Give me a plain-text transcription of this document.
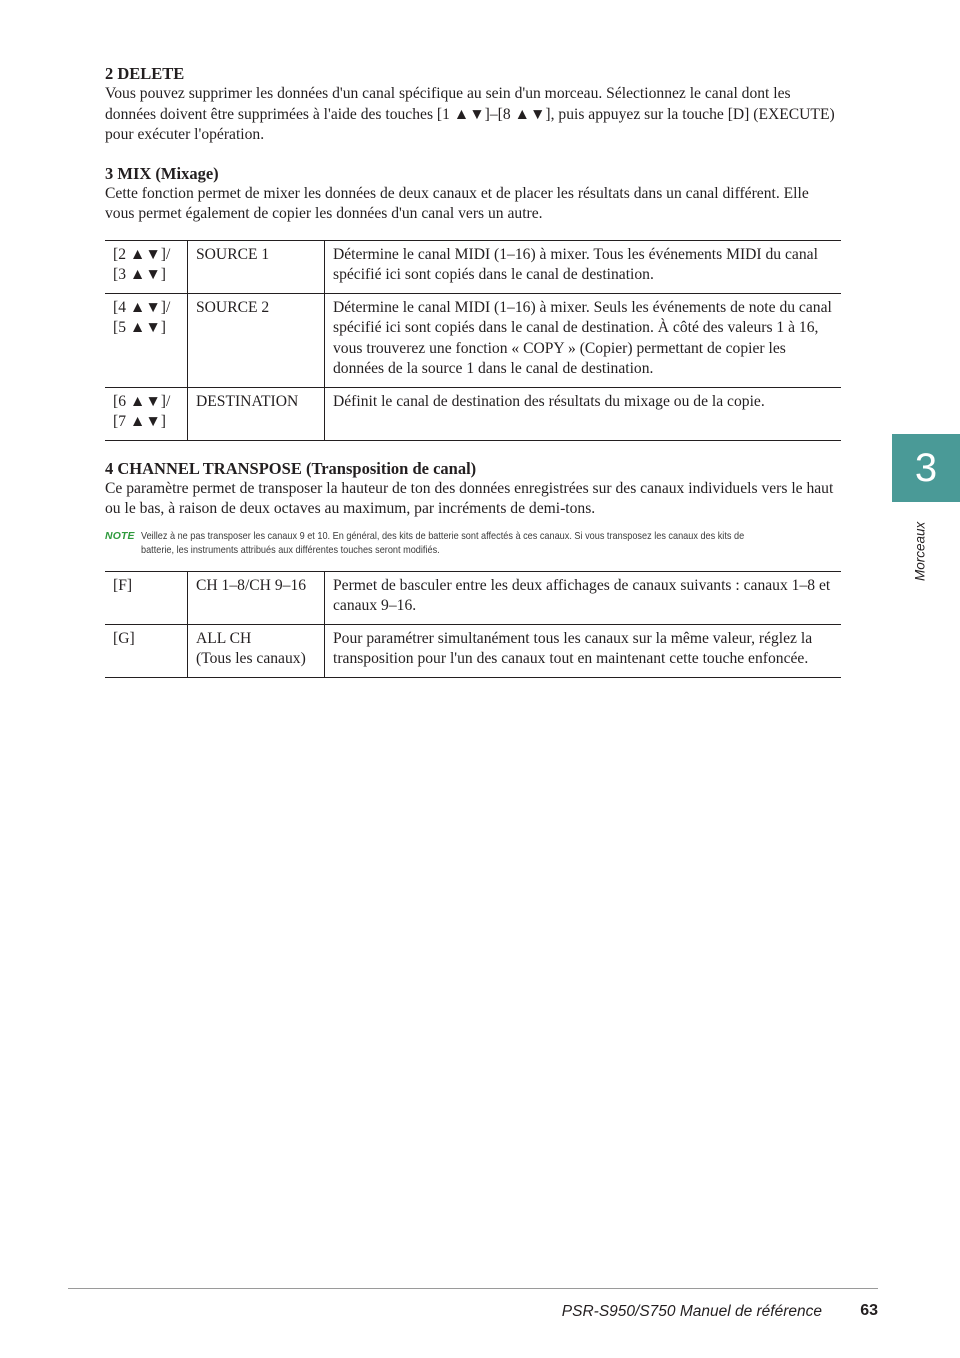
2 DELETE

Vous pouvez supprimer les données d'un canal spécifique au sein d'un morceau. Sélectionnez le canal dont les données doivent être supprimées à l'aide des touches [1 ▲▼]–[8 ▲▼], puis appuyez sur la touche [D] (EXECUTE) pour exécuter l'opération.

3 MIX (Mixage)

Cette fonction permet de mixer les données de deux canaux et de placer les résultats dans un canal différent. Elle vous permet également de copier les données d'un canal vers un autre.

[2 ▲▼]/
[3 ▲▼]	SOURCE 1	Détermine le canal MIDI (1–16) à mixer. Tous les événements MIDI du canal spécifié ici sont copiés dans le canal de destination.
[4 ▲▼]/
[5 ▲▼]	SOURCE 2	Détermine le canal MIDI (1–16) à mixer. Seuls les événements de note du canal spécifié ici sont copiés dans le canal de destination. À côté des valeurs 1 à 16, vous trouverez une fonction « COPY » (Copier) permettant de copier les données de la source 1 dans le canal de destination.
[6 ▲▼]/
[7 ▲▼]	DESTINATION	Définit le canal de destination des résultats du mixage ou de la copie.
4 CHANNEL TRANSPOSE (Transposition de canal)

Ce paramètre permet de transposer la hauteur de ton des données enregistrées sur des canaux individuels vers le haut ou le bas, à raison de deux octaves au maximum, par incréments de demi-tons.

NOTE Veillez à ne pas transposer les canaux 9 et 10. En général, des kits de batterie sont affectés à ces canaux. Si vous transposez les canaux des kits de batterie, les instruments attribués aux différentes touches seront modifiés.
[F]	CH 1–8/CH 9–16	Permet de basculer entre les deux affichages de canaux suivants : canaux 1–8 et canaux 9–16.
[G]	ALL CH
(Tous les canaux)	Pour paramétrer simultanément tous les canaux sur la même valeur, réglez la transposition pour l'un des canaux tout en maintenant cette touche enfoncée.
3
Morceaux
PSR-S950/S750 Manuel de référence 63
